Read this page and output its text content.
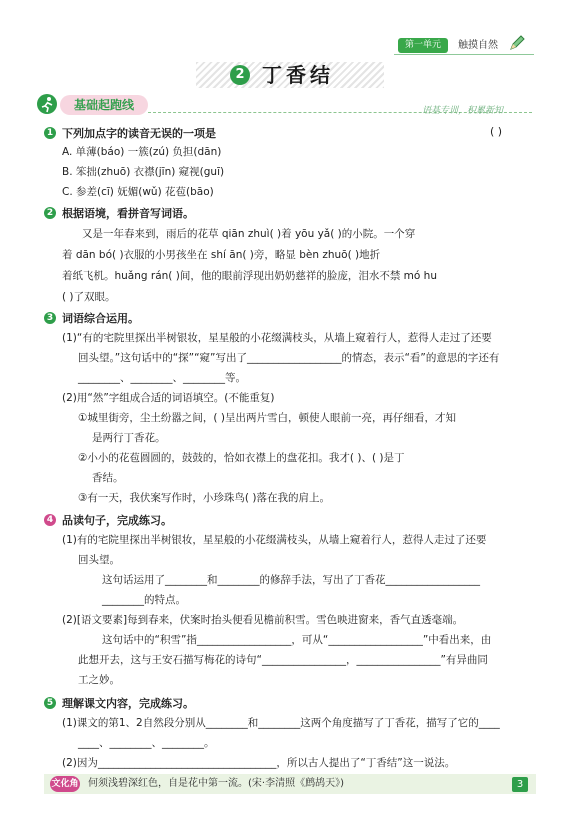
第一单元	触摸自然
2 丁香结
基础起跑线	语基专训，积累新知
1 下列加点字的读音无误的一项是	( )
A. 单薄(báo) 一簇(zú) 负担(dān)
B. 笨拙(zhuō) 衣襟(jīn) 窥视(guī)
C. 参差(cī) 妩媚(wǔ) 花苞(bāo)
2 根据语境，看拼音写词语。
又是一年春来到，雨后的花草 qiān zhuì( )着 yōu yǎ( )的小院。一个穿
着 dān bó( )衣服的小男孩坐在 shí ān( )旁，略显 bèn zhuō( )地折
着纸飞机。huǎng rán( )间，他的眼前浮现出奶奶慈祥的脸庞，泪水不禁 mó hu
( )了双眼。
3 词语综合运用。
(1)“有的宅院里探出半树银妆，星星般的小花缀满枝头，从墙上窥着行人，惹得人走过了还要
回头望。”这句话中的“探”“窥”写出了__________________的情态，表示“看”的意思的字还有
________、________、________等。
(2)用“然”字组成合适的词语填空。(不能重复)
①城里街旁，尘土纷嚣之间，( )呈出两片雪白，顿使人眼前一亮，再仔细看，才知
是两行丁香花。
②小小的花苞圆圆的，鼓鼓的，恰如衣襟上的盘花扣。我才( )、( )是丁
香结。
③有一天，我伏案写作时，小珍珠鸟( )落在我的肩上。
4 品读句子，完成练习。
(1)有的宅院里探出半树银妆，星星般的小花缀满枝头，从墙上窥着行人，惹得人走过了还要
回头望。
这句话运用了________和________的修辞手法，写出了丁香花__________________
________的特点。
(2)[语文要素]每到春来，伏案时抬头便看见檐前积雪。雪色映进窗来，香气直透毫端。
这句话中的“积雪”指__________________，可从“__________________”中看出来，由
此想开去，这与王安石描写梅花的诗句“________________，________________”有异曲同
工之妙。
5 理解课文内容，完成练习。
(1)课文的第1、2自然段分别从________和________这两个角度描写了丁香花，描写了它的____
____、________、________。
(2)因为__________________________________，所以古人提出了“丁香结”这一说法。
文化角 何须浅碧深红色，自是花中第一流。(宋·李清照《鹧鸪天》)	3
